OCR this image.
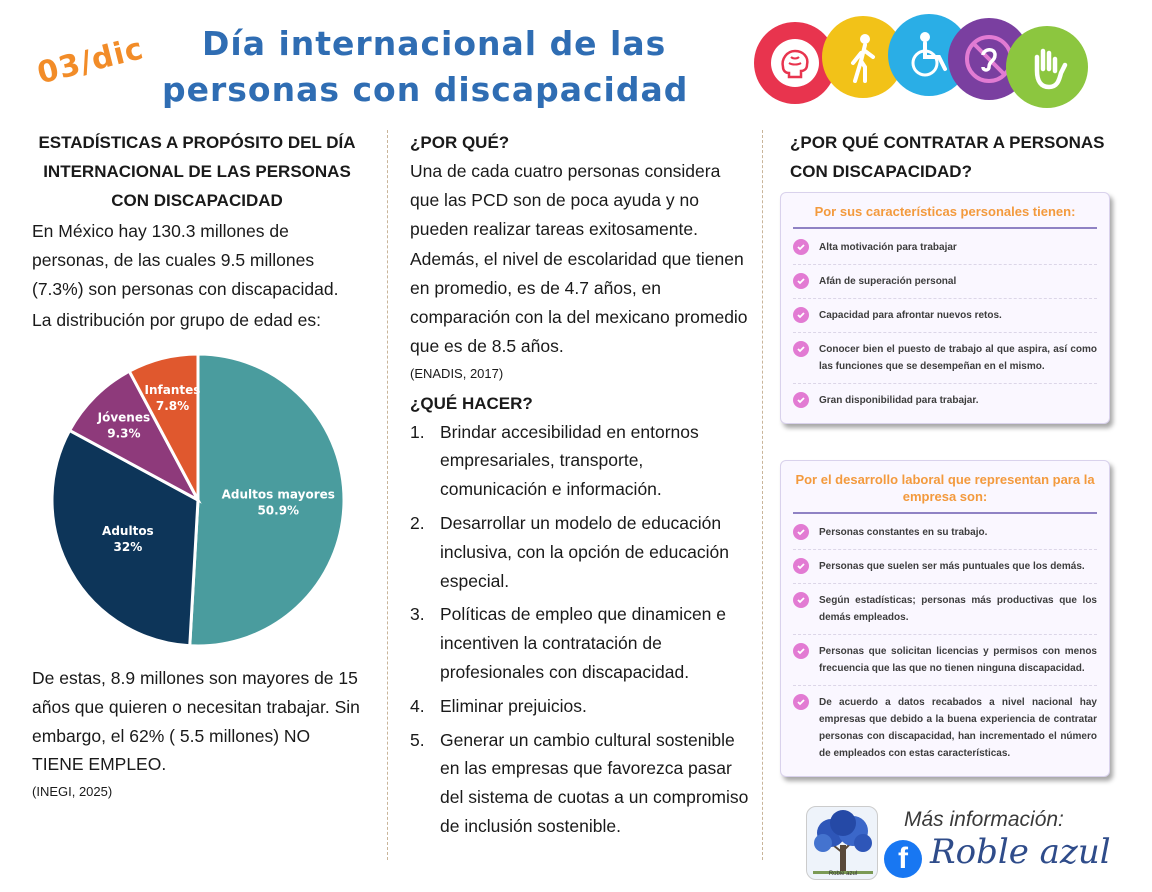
03/dic	Día internacional de las
personas con discapacidad
ESTADÍSTICAS A PROPÓSITO DEL DÍA INTERNACIONAL DE LAS PERSONAS CON DISCAPACIDAD
En México hay 130.3 millones de personas, de las cuales 9.5 millones (7.3%) son personas con discapacidad.
La distribución por grupo de edad es:
Adultos mayores
50.9%
Adultos
32%
Jóvenes
9.3%
Infantes
7.8%
De estas, 8.9 millones son mayores de 15 años que quieren o necesitan trabajar. Sin embargo, el 62% ( 5.5 millones) NO TIENE EMPLEO.
(INEGI, 2025)
¿POR QUÉ?
Una de cada cuatro personas considera que las PCD son de poca ayuda y no pueden realizar tareas exitosamente.
Además, el nivel de escolaridad que tienen en promedio, es de 4.7 años, en comparación con la del mexicano promedio que es de 8.5 años.
(ENADIS, 2017)
¿QUÉ HACER?
1. Brindar accesibilidad en entornos empresariales, transporte, comunicación e información.
2. Desarrollar un modelo de educación inclusiva, con la opción de educación especial.
3. Políticas de empleo que dinamicen e incentiven la contratación de profesionales con discapacidad.
4. Eliminar prejuicios.
5. Generar un cambio cultural sostenible en las empresas que favorezca pasar del sistema de cuotas a un compromiso de inclusión sostenible.
¿POR QUÉ CONTRATAR A PERSONAS CON DISCAPACIDAD?
Por sus características personales tienen:
Alta motivación para trabajar
Afán de superación personal
Capacidad para afrontar nuevos retos.
Conocer bien el puesto de trabajo al que aspira, así como las funciones que se desempeñan en el mismo.
Gran disponibilidad para trabajar.
Por el desarrollo laboral que representan para la empresa son:
Personas constantes en su trabajo.
Personas que suelen ser más puntuales que los demás.
Según estadísticas; personas más productivas que los demás empleados.
Personas que solicitan licencias y permisos con menos frecuencia que las que no tienen ninguna discapacidad.
De acuerdo a datos recabados a nivel nacional hay empresas que debido a la buena experiencia de contratar personas con discapacidad, han incrementado el número de empleados con estas características.
Roble azul
Más información:
f Roble azul
